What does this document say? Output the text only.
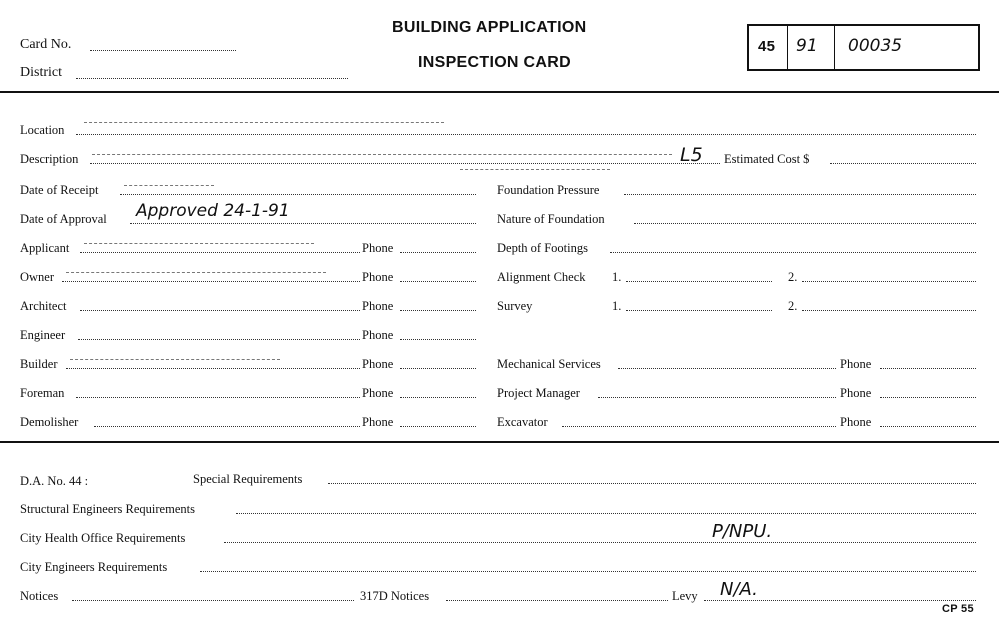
Card No.
District
BUILDING APPLICATION
INSPECTION CARD
45 91 00035
Location
Description	L5 Estimated Cost $
Date of Receipt
Date of Approval Approved 24-1-91
Applicant	Phone
Owner	Phone
Architect	Phone
Engineer	Phone
Builder	Phone
Foreman	Phone
Demolisher	Phone
Foundation Pressure
Nature of Foundation
Depth of Footings
Alignment Check 1.	2.
Survey	1.	2.
Mechanical Services	Phone
Project Manager	Phone
Excavator	Phone
D.A. No. 44 :	Special Requirements
Structural Engineers Requirements
City Health Office Requirements	P/NPU.
City Engineers Requirements
Notices	317D Notices	Levy N/A.
CP 55
